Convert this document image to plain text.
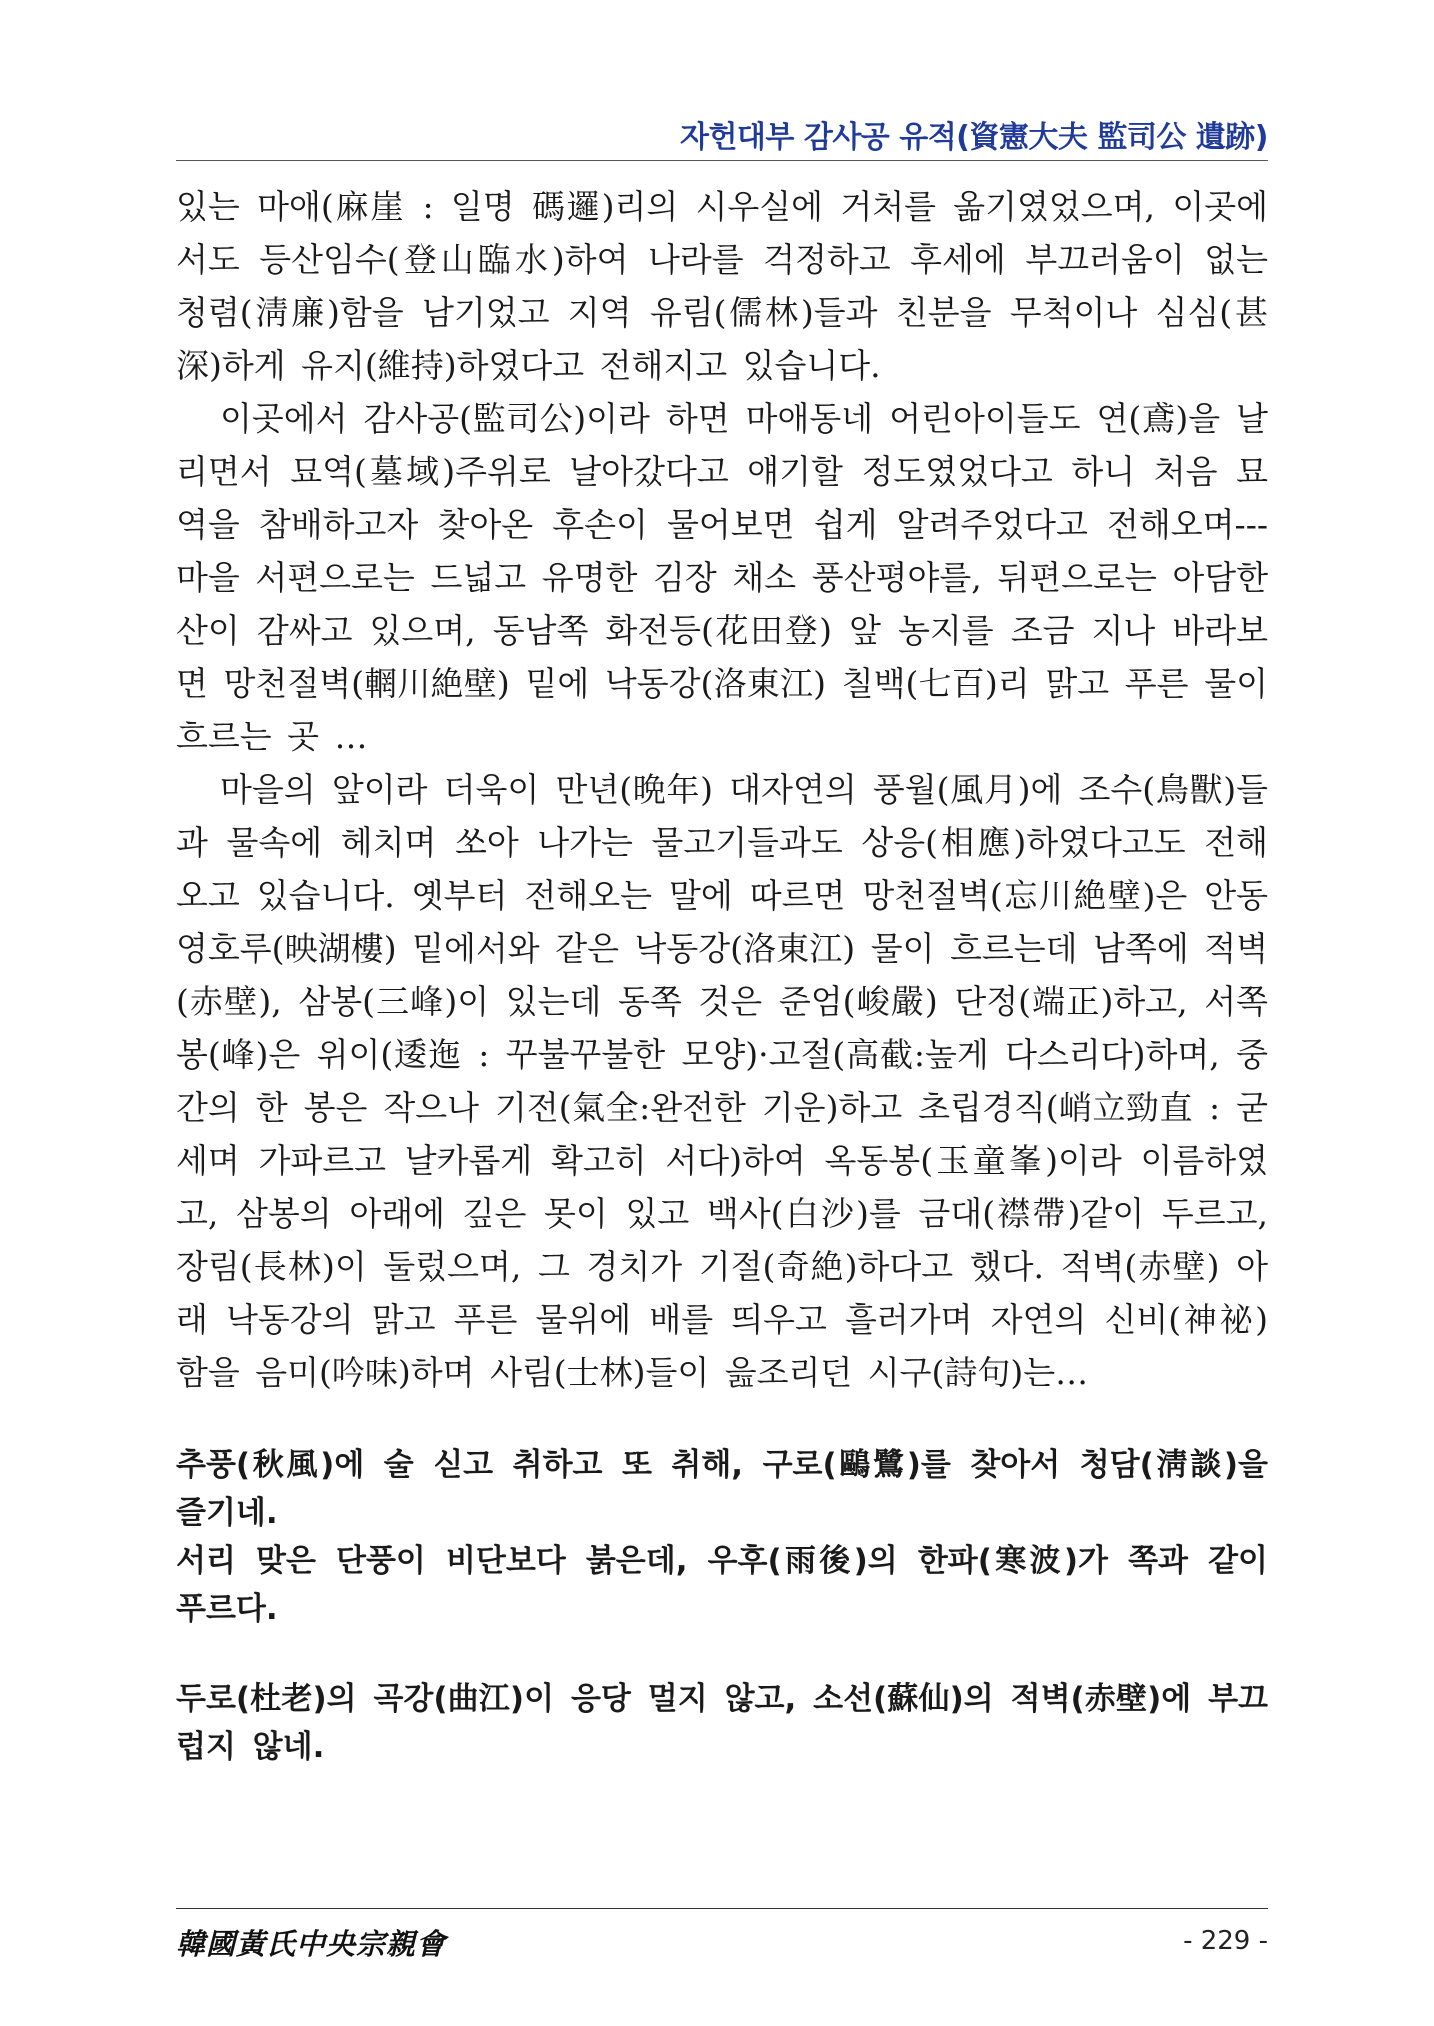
자헌대부 감사공 유적(資憲大夫 監司公 遺跡)

있는 마애(麻崖 : 일명 碼邏)리의 시우실에 거처를 옮기였었으며, 이곳에서도 등산임수(登山臨水)하여 나라를 걱정하고 후세에 부끄러움이 없는 청렴(淸廉)함을 남기었고 지역 유림(儒林)들과 친분을 무척이나 심심(甚深)하게 유지(維持)하였다고 전해지고 있습니다.

이곳에서 감사공(監司公)이라 하면 마애동네 어린아이들도 연(鳶)을 날리면서 묘역(墓域)주위로 날아갔다고 얘기할 정도였었다고 하니 처음 묘역을 참배하고자 찾아온 후손이 물어보면 쉽게 알려주었다고 전해오며--- 마을 서편으로는 드넓고 유명한 김장 채소 풍산평야를, 뒤편으로는 아담한 산이 감싸고 있으며, 동남쪽 화전등(花田登) 앞 농지를 조금 지나 바라보면 망천절벽(輞川絶壁) 밑에 낙동강(洛東江) 칠백(七百)리 맑고 푸른 물이 흐르는 곳 …

마을의 앞이라 더욱이 만년(晩年) 대자연의 풍월(風月)에 조수(鳥獸)들과 물속에 헤치며 쏘아 나가는 물고기들과도 상응(相應)하였다고도 전해오고 있습니다. 옛부터 전해오는 말에 따르면 망천절벽(忘川絶壁)은 안동 영호루(映湖樓) 밑에서와 같은 낙동강(洛東江) 물이 흐르는데 남쪽에 적벽(赤壁), 삼봉(三峰)이 있는데 동쪽 것은 준엄(峻嚴) 단정(端正)하고, 서쪽 봉(峰)은 위이(逶迤 : 꾸불꾸불한 모양)·고절(高截:높게 다스리다)하며, 중간의 한 봉은 작으나 기전(氣全:완전한 기운)하고 초립경직(峭立勁直 : 굳세며 가파르고 날카롭게 확고히 서다)하여 옥동봉(玉童峯)이라 이름하였고, 삼봉의 아래에 깊은 못이 있고 백사(白沙)를 금대(襟帶)같이 두르고, 장림(長林)이 둘렀으며, 그 경치가 기절(奇絶)하다고 했다. 적벽(赤壁) 아래 낙동강의 맑고 푸른 물위에 배를 띄우고 흘러가며 자연의 신비(神祕) 함을 음미(吟味)하며 사림(士林)들이 읊조리던 시구(詩句)는…

추풍(秋風)에 술 싣고 취하고 또 취해, 구로(鷗鷺)를 찾아서 청담(淸談)을 즐기네.

서리 맞은 단풍이 비단보다 붉은데, 우후(雨後)의 한파(寒波)가 쪽과 같이 푸르다.

두로(杜老)의 곡강(曲江)이 응당 멀지 않고, 소선(蘇仙)의 적벽(赤壁)에 부끄럽지 않네.

韓國黃氏中央宗親會	- 229 -
